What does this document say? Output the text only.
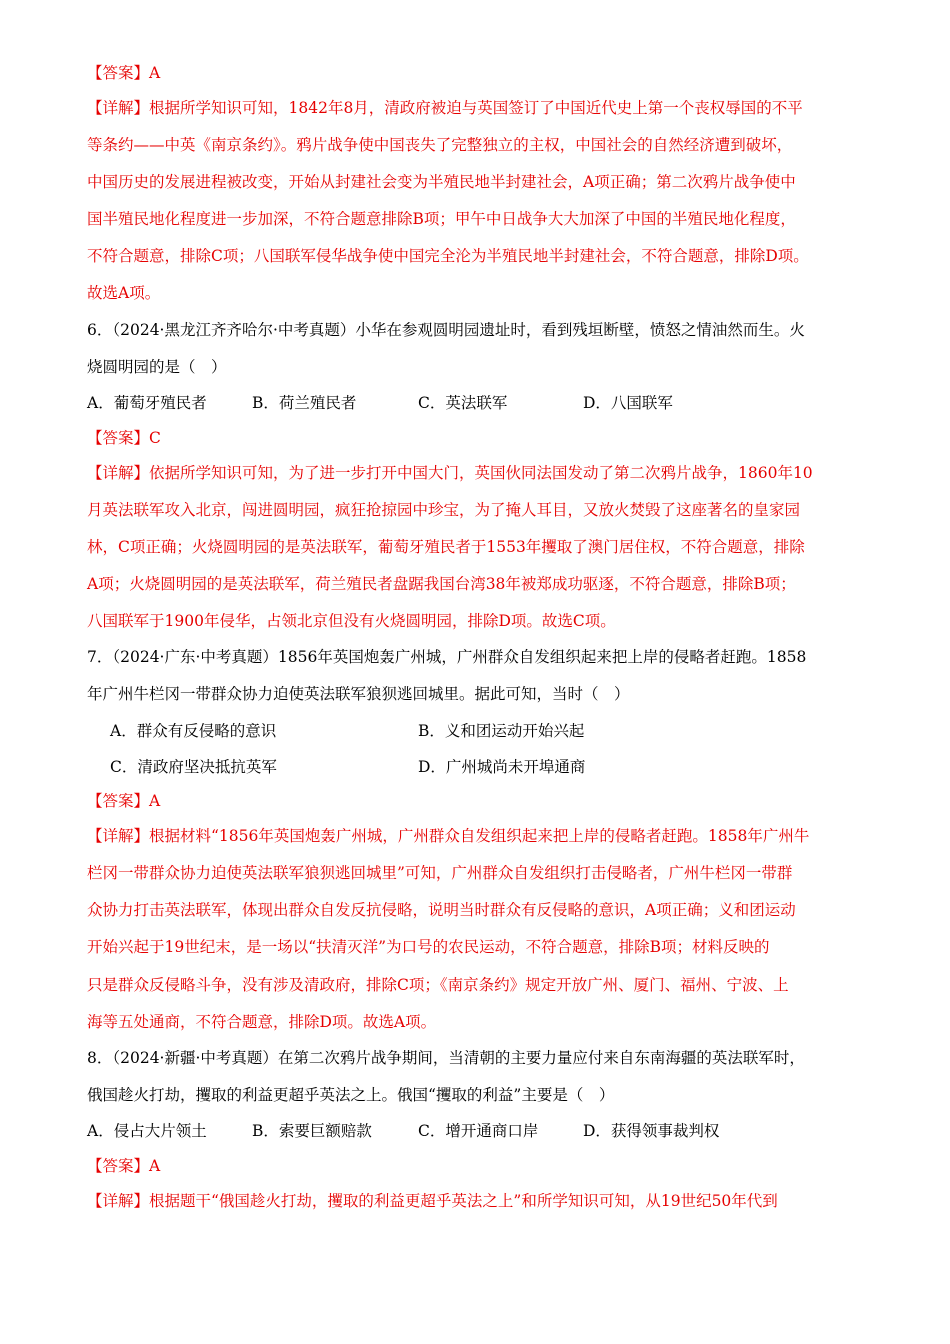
【答案】A
【详解】根据所学知识可知，1842年8月，清政府被迫与英国签订了中国近代史上第一个丧权辱国的不平
等条约——中英《南京条约》。鸦片战争使中国丧失了完整独立的主权，中国社会的自然经济遭到破坏，
中国历史的发展进程被改变，开始从封建社会变为半殖民地半封建社会，A项正确；第二次鸦片战争使中
国半殖民地化程度进一步加深，不符合题意排除B项；甲午中日战争大大加深了中国的半殖民地化程度，
不符合题意，排除C项；八国联军侵华战争使中国完全沦为半殖民地半封建社会，不符合题意，排除D项。
故选A项。
6．（2024·黑龙江齐齐哈尔·中考真题）小华在参观圆明园遗址时，看到残垣断壁，愤怒之情油然而生。火
烧圆明园的是（　）
A．葡萄牙殖民者	B．荷兰殖民者	C．英法联军	D．八国联军
【答案】C
【详解】依据所学知识可知，为了进一步打开中国大门，英国伙同法国发动了第二次鸦片战争，1860年10
月英法联军攻入北京，闯进圆明园，疯狂抢掠园中珍宝，为了掩人耳目，又放火焚毁了这座著名的皇家园
林，C项正确；火烧圆明园的是英法联军，葡萄牙殖民者于1553年攫取了澳门居住权，不符合题意，排除
A项；火烧圆明园的是英法联军，荷兰殖民者盘踞我国台湾38年被郑成功驱逐，不符合题意，排除B项；
八国联军于1900年侵华，占领北京但没有火烧圆明园，排除D项。故选C项。
7．（2024·广东·中考真题）1856年英国炮轰广州城，广州群众自发组织起来把上岸的侵略者赶跑。1858
年广州牛栏冈一带群众协力迫使英法联军狼狈逃回城里。据此可知，当时（　）
A．群众有反侵略的意识	B．义和团运动开始兴起
C．清政府坚决抵抗英军	D．广州城尚未开埠通商
【答案】A
【详解】根据材料“1856年英国炮轰广州城，广州群众自发组织起来把上岸的侵略者赶跑。1858年广州牛
栏冈一带群众协力迫使英法联军狼狈逃回城里”可知，广州群众自发组织打击侵略者，广州牛栏冈一带群
众协力打击英法联军，体现出群众自发反抗侵略，说明当时群众有反侵略的意识，A项正确；义和团运动
开始兴起于19世纪末，是一场以“扶清灭洋”为口号的农民运动，不符合题意，排除B项；材料反映的
只是群众反侵略斗争，没有涉及清政府，排除C项；《南京条约》规定开放广州、厦门、福州、宁波、上
海等五处通商，不符合题意，排除D项。故选A项。
8．（2024·新疆·中考真题）在第二次鸦片战争期间，当清朝的主要力量应付来自东南海疆的英法联军时，
俄国趁火打劫，攫取的利益更超乎英法之上。俄国“攫取的利益”主要是（　）
A．侵占大片领土	B．索要巨额赔款	C．增开通商口岸	D．获得领事裁判权
【答案】A
【详解】根据题干“俄国趁火打劫，攫取的利益更超乎英法之上”和所学知识可知，从19世纪50年代到
